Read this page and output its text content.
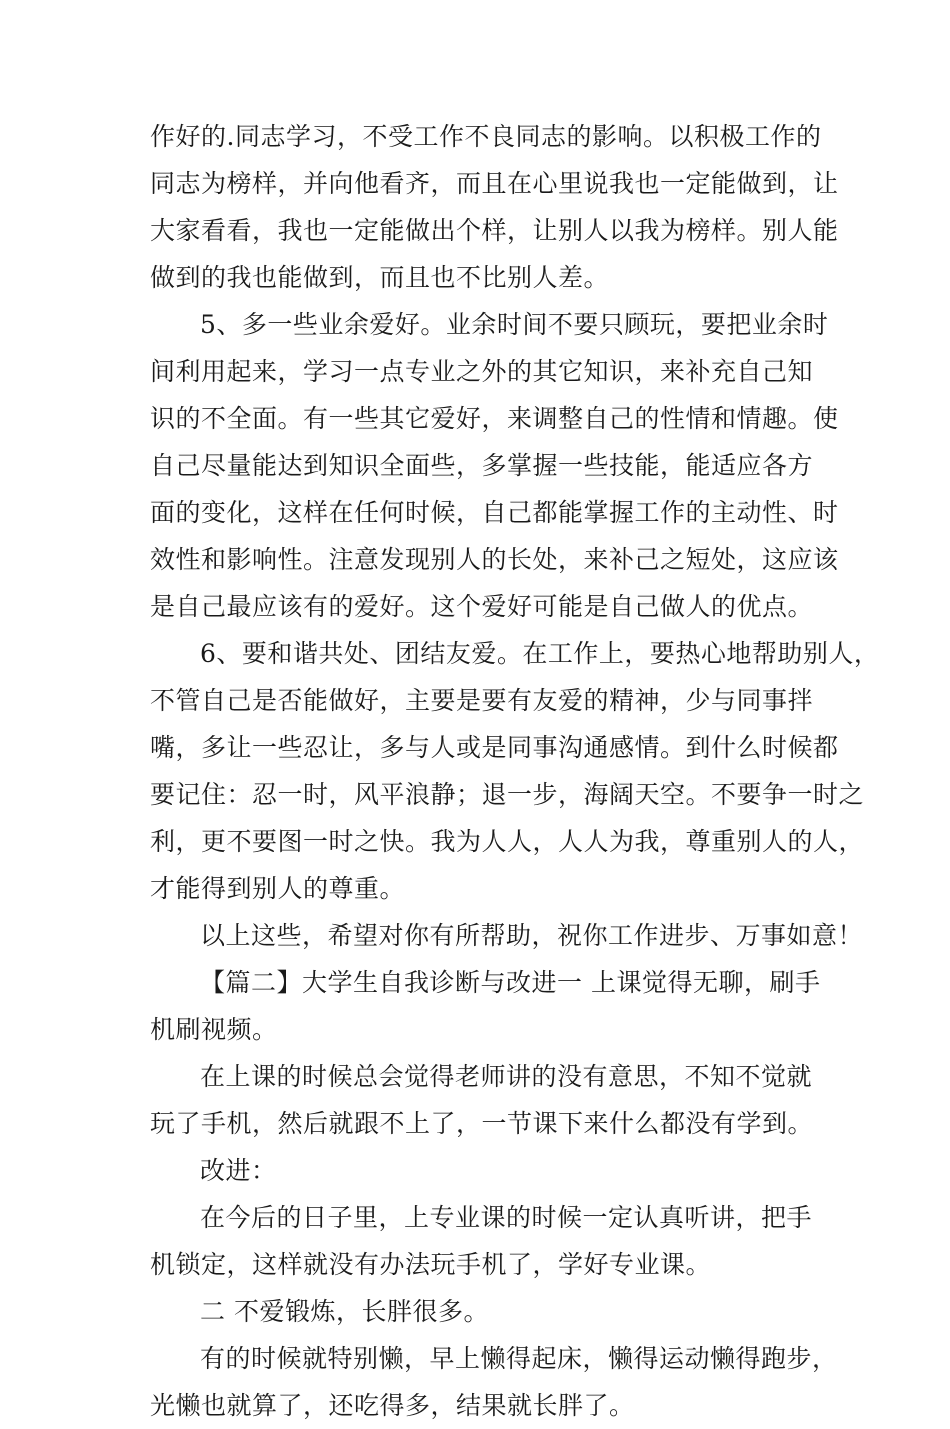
作好的.同志学习，不受工作不良同志的影响。以积极工作的
同志为榜样，并向他看齐，而且在心里说我也一定能做到，让
大家看看，我也一定能做出个样，让别人以我为榜样。别人能
做到的我也能做到，而且也不比别人差。
5、多一些业余爱好。业余时间不要只顾玩，要把业余时
间利用起来，学习一点专业之外的其它知识，来补充自己知
识的不全面。有一些其它爱好，来调整自己的性情和情趣。使
自己尽量能达到知识全面些，多掌握一些技能，能适应各方
面的变化，这样在任何时候，自己都能掌握工作的主动性、时
效性和影响性。注意发现别人的长处，来补己之短处，这应该
是自己最应该有的爱好。这个爱好可能是自己做人的优点。
6、要和谐共处、团结友爱。在工作上，要热心地帮助别人，
不管自己是否能做好，主要是要有友爱的精神，少与同事拌
嘴，多让一些忍让，多与人或是同事沟通感情。到什么时候都
要记住：忍一时，风平浪静；退一步，海阔天空。不要争一时之
利，更不要图一时之快。我为人人，人人为我，尊重别人的人，
才能得到别人的尊重。
以上这些，希望对你有所帮助，祝你工作进步、万事如意！
【篇二】大学生自我诊断与改进一 上课觉得无聊，刷手
机刷视频。
在上课的时候总会觉得老师讲的没有意思，不知不觉就
玩了手机，然后就跟不上了，一节课下来什么都没有学到。
改进：
在今后的日子里，上专业课的时候一定认真听讲，把手
机锁定，这样就没有办法玩手机了，学好专业课。
二 不爱锻炼，长胖很多。
有的时候就特别懒，早上懒得起床，懒得运动懒得跑步，
光懒也就算了，还吃得多，结果就长胖了。
